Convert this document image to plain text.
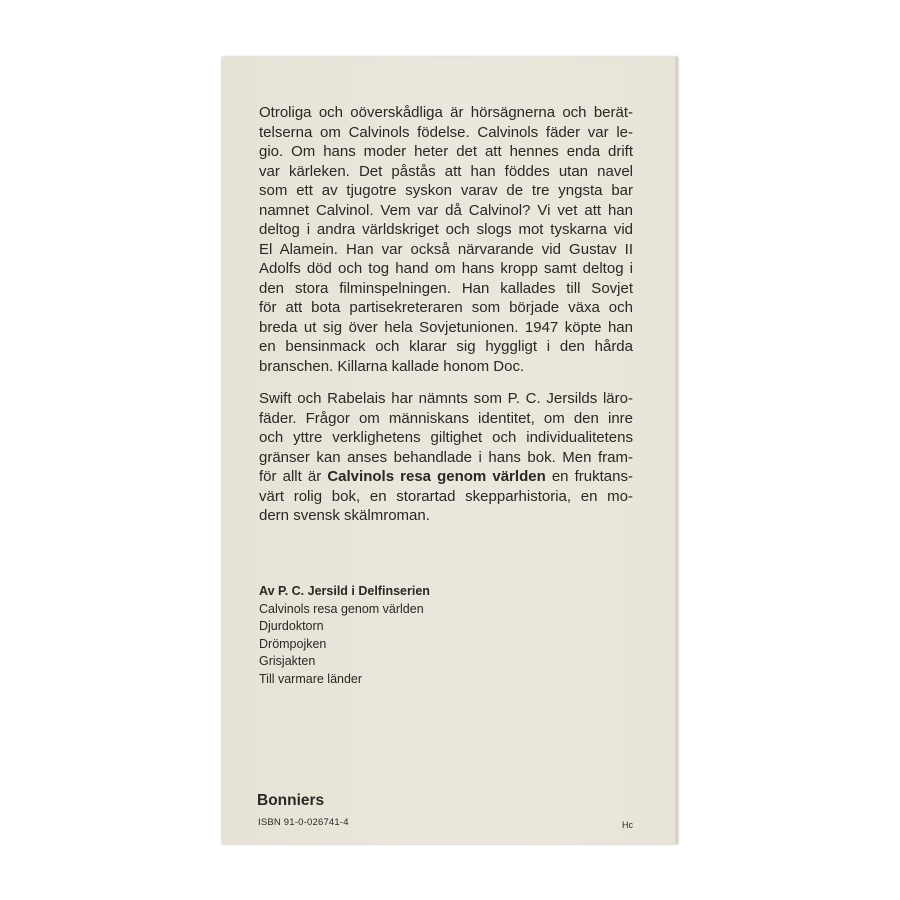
Otroliga och oöverskådliga är hörsägnerna och berät-
telserna om Calvinols födelse. Calvinols fäder var le-
gio. Om hans moder heter det att hennes enda drift
var kärleken. Det påstås att han föddes utan navel
som ett av tjugotre syskon varav de tre yngsta bar
namnet Calvinol. Vem var då Calvinol? Vi vet att han
deltog i andra världskriget och slogs mot tyskarna vid
El Alamein. Han var också närvarande vid Gustav II
Adolfs död och tog hand om hans kropp samt deltog i
den stora filminspelningen. Han kallades till Sovjet
för att bota partisekreteraren som började växa och
breda ut sig över hela Sovjetunionen. 1947 köpte han
en bensinmack och klarar sig hyggligt i den hårda
branschen. Killarna kallade honom Doc.
Swift och Rabelais har nämnts som P. C. Jersilds läro-
fäder. Frågor om människans identitet, om den inre
och yttre verklighetens giltighet och individualitetens
gränser kan anses behandlade i hans bok. Men fram-
för allt är Calvinols resa genom världen en fruktans-
värt rolig bok, en storartad skepparhistoria, en mo-
dern svensk skälmroman.
Av P. C. Jersild i Delfinserien
Calvinols resa genom världen
Djurdoktorn
Drömpojken
Grisjakten
Till varmare länder
Bonniers
ISBN 91-0-026741-4	Hc
